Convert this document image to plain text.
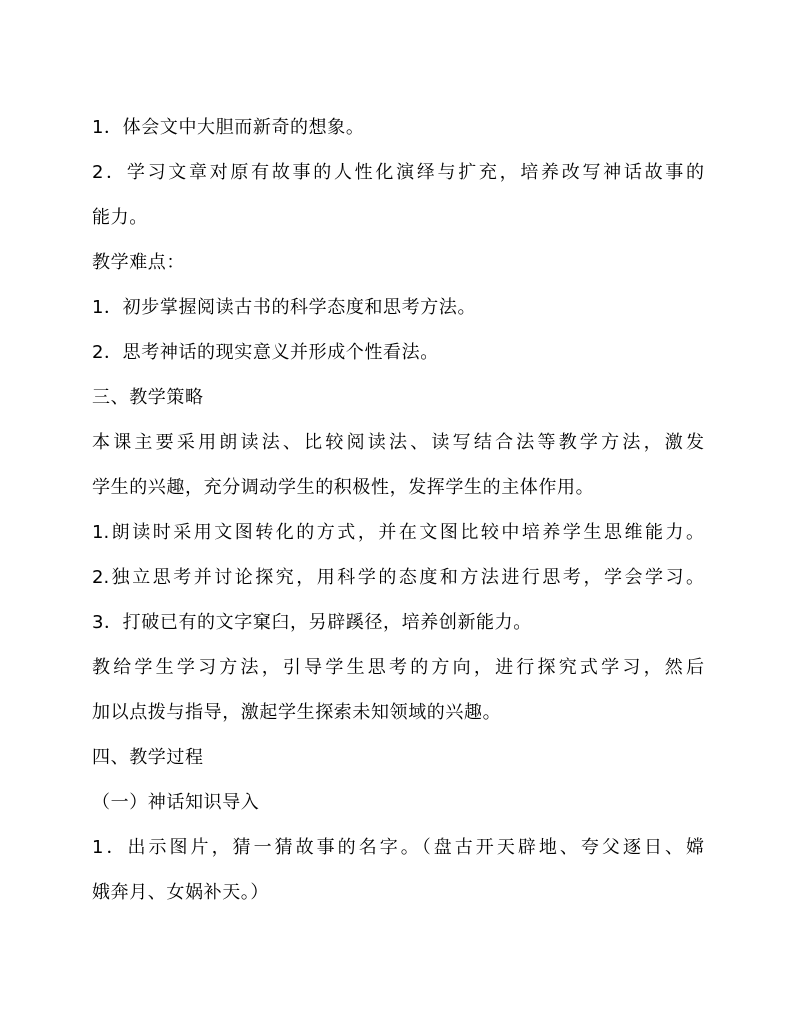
1．体会文中大胆而新奇的想象。
2．学习文章对原有故事的人性化演绎与扩充，培养改写神话故事的
能力。
教学难点：
1．初步掌握阅读古书的科学态度和思考方法。
2．思考神话的现实意义并形成个性看法。
三、教学策略
本课主要采用朗读法、比较阅读法、读写结合法等教学方法，激发
学生的兴趣，充分调动学生的积极性，发挥学生的主体作用。
1.朗读时采用文图转化的方式，并在文图比较中培养学生思维能力。
2.独立思考并讨论探究，用科学的态度和方法进行思考，学会学习。
3．打破已有的文字窠臼，另辟蹊径，培养创新能力。
教给学生学习方法，引导学生思考的方向，进行探究式学习，然后
加以点拨与指导，激起学生探索未知领域的兴趣。
四、教学过程
（一）神话知识导入
1．出示图片，猜一猜故事的名字。（盘古开天辟地、夸父逐日、嫦
娥奔月、女娲补天。）
